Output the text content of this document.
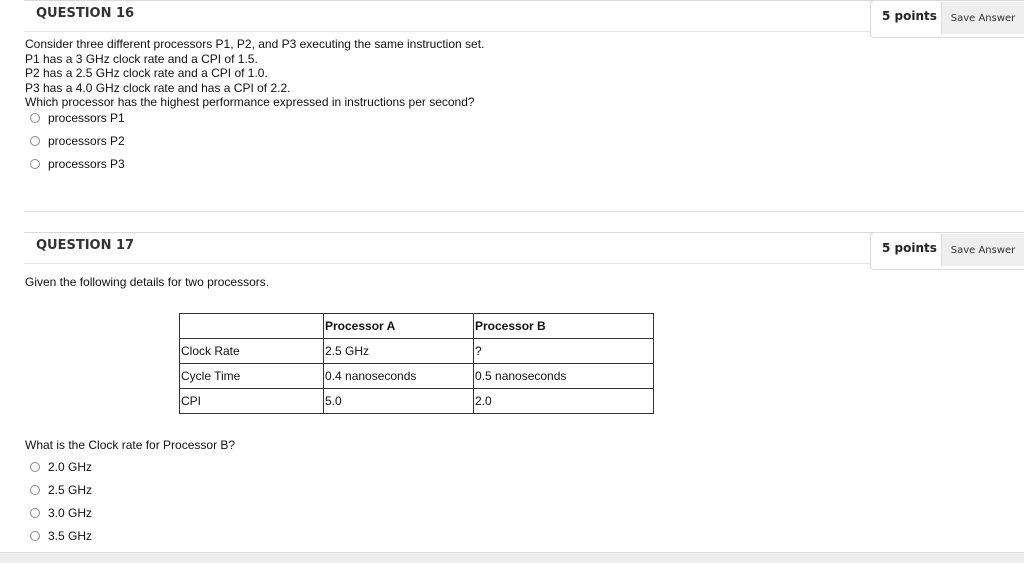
QUESTION 16	5 points	Save Answer
Consider three different processors P1, P2, and P3 executing the same instruction set.
P1 has a 3 GHz clock rate and a CPI of 1.5.
P2 has a 2.5 GHz clock rate and a CPI of 1.0.
P3 has a 4.0 GHz clock rate and has a CPI of 2.2.
Which processor has the highest performance expressed in instructions per second?
processors P1
processors P2
processors P3
QUESTION 17	5 points	Save Answer
Given the following details for two processors.
	Processor A	Processor B
Clock Rate	2.5 GHz	?
Cycle Time	0.4 nanoseconds	0.5 nanoseconds
CPI	5.0	2.0
What is the Clock rate for Processor B?
2.0 GHz
2.5 GHz
3.0 GHz
3.5 GHz
